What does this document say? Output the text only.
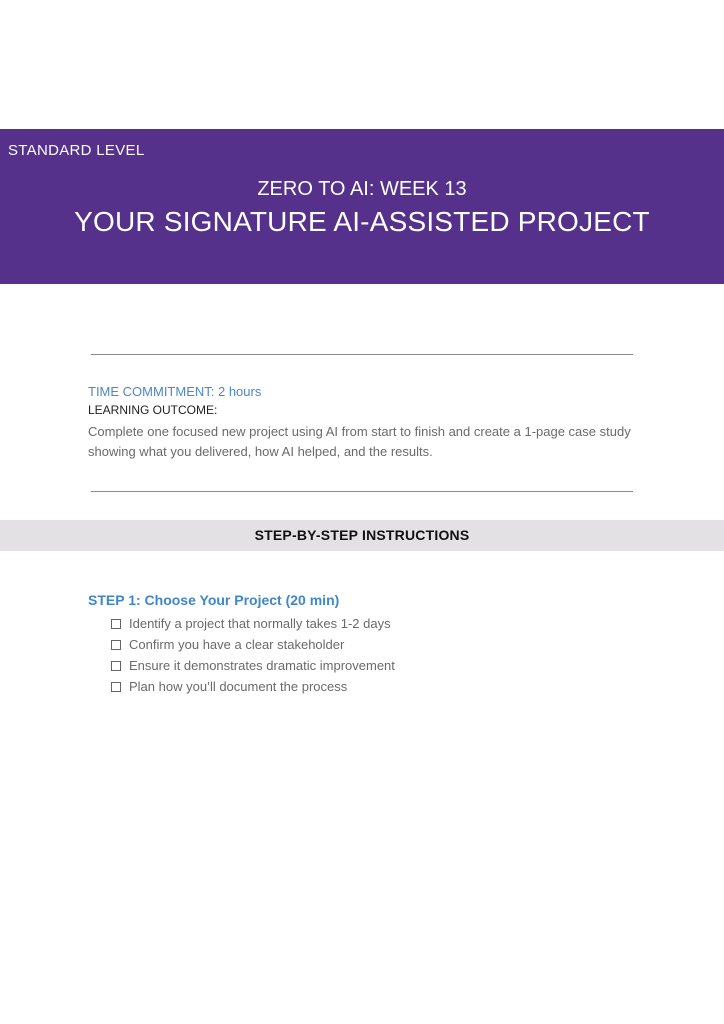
STANDARD LEVEL
ZERO TO AI: WEEK 13
YOUR SIGNATURE AI-ASSISTED PROJECT
TIME COMMITMENT: 2 hours
LEARNING OUTCOME:
Complete one focused new project using AI from start to finish and create a 1-page case study showing what you delivered, how AI helped, and the results.
STEP-BY-STEP INSTRUCTIONS
STEP 1: Choose Your Project (20 min)
Identify a project that normally takes 1-2 days
Confirm you have a clear stakeholder
Ensure it demonstrates dramatic improvement
Plan how you’ll document the process
